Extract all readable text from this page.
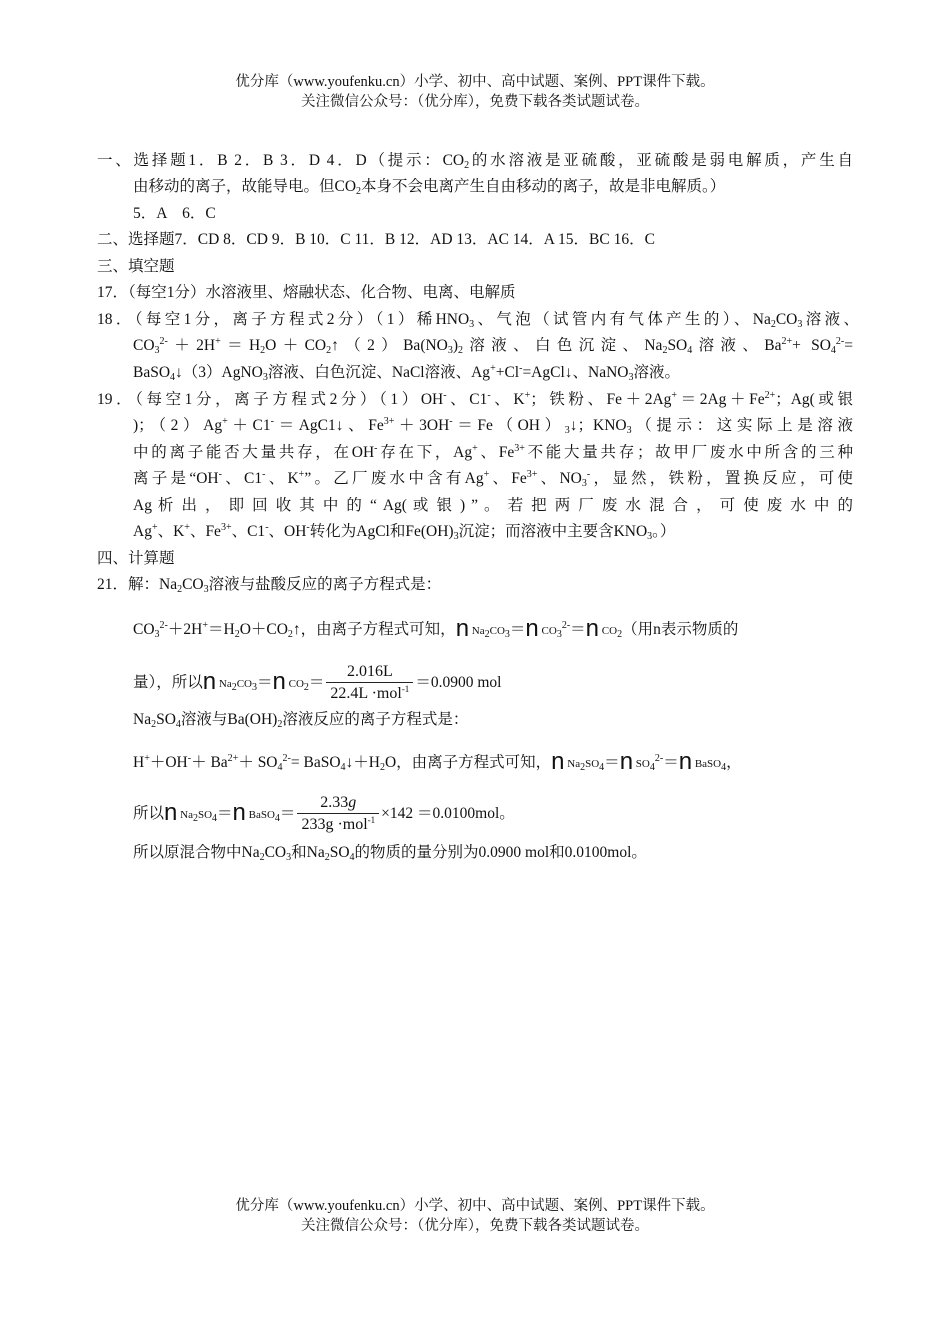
优分库（www.youfenku.cn）小学、初中、高中试题、案例、PPT课件下载。
关注微信公众号：（优分库），免费下载各类试题试卷。
一、选择题1．B 2．B 3．D 4．D（提示：$CO_2$的水溶液是亚硫酸，亚硫酸是弱电解质，产生自
由移动的离子，故能导电。但$CO_2$本身不会电离产生自由移动的离子，故是非电解质。）
5．A　6．C
二、选择题7．CD 8．CD 9．B 10．C 11．B 12．AD 13．AC 14．A 15．BC 16．C
三、填空题
17．（每空1分）水溶液里、熔融状态、化合物、电离、电解质
18．（每空1分，离子方程式2分）（1）稀$HNO_3$、气泡（试管内有气体产生的）、$Na_2CO_3$溶液、
$CO_3^{2-}+2H^+=H_2O+CO_2↑(2)Ba(NO_3)_2$溶液、白色沉淀、$Na_2SO_4$溶液、$Ba^{2+}+ SO_4^{2-}=$
BaSO$_4$↓（3）AgNO$_3$溶液、白色沉淀、NaCl溶液、Ag++Cl-=AgCl↓、NaNO$_3$溶液。
19．（每空1分，离子方程式2分）（1）OH-、C1-、K+；铁粉、$Fe+2Ag^+=2Ag+Fe^{2+}$；Ag(或银
)；（2）Ag+＋C1-＝AgC1↓、$Fe^{3+}+3OH^-=Fe(OH)_3↓$；$KNO_3$（提示：这实际上是溶液
中的离子能否大量共存，在OH-存在下，Ag+、$Fe^{3+}$不能大量共存；故甲厂废水中所含的三种
离子是“OH-、C1-、K+”。乙厂废水中含有Ag+、$Fe^{3+}$、$NO_3^-$，显然，铁粉，置换反应，可使
Ag 析 出 ， 即 回 收 其 中 的 “ Ag( 或 银 ) ” 。 若 把 两 厂 废 水 混 合 ， 可 使 废 水 中 的
Ag+、K+、$Fe^{3+}$、C1-、OH-转化为AgCl和$Fe(OH)_3$沉淀；而溶液中主要含$KNO_3$。）
四、计算题
21．解：$Na_2CO_3$溶液与盐酸反应的离子方程式是：
$CO_3^{2-}+2H^+=H_2O+CO_2↑$，由离子方程式可知，n $Na_2CO_3=n$ $CO_3^{2-}=n$ $CO_2$（用n表示物质的
量），所以n $Na_2CO_3=n$ $CO_2= \frac{2.016L}{22.4L \cdot mol^{-1}} =0.0900$ mol
$Na_2SO_4$溶液与$Ba(OH)_2$溶液反应的离子方程式是：
$H^++OH^-+ Ba^{2+}+ SO_4^{2-}=$ $BaSO_4↓+H_2O$，由离子方程式可知，n $Na_2SO_4=n$ $SO_4^{2-}=n$ BaSO$_4$，
所以n $Na_2SO_4=n$ BaSO$_4$＝ $\frac{2.33g}{233g \cdot mol^{-1}} \times 142 =0.0100mol$。
所以原混合物中$Na_2CO_3$和$Na_2SO_4$的物质的量分别为0.0900 mol和0.0100mol。
优分库（www.youfenku.cn）小学、初中、高中试题、案例、PPT课件下载。
关注微信公众号：（优分库），免费下载各类试题试卷。
